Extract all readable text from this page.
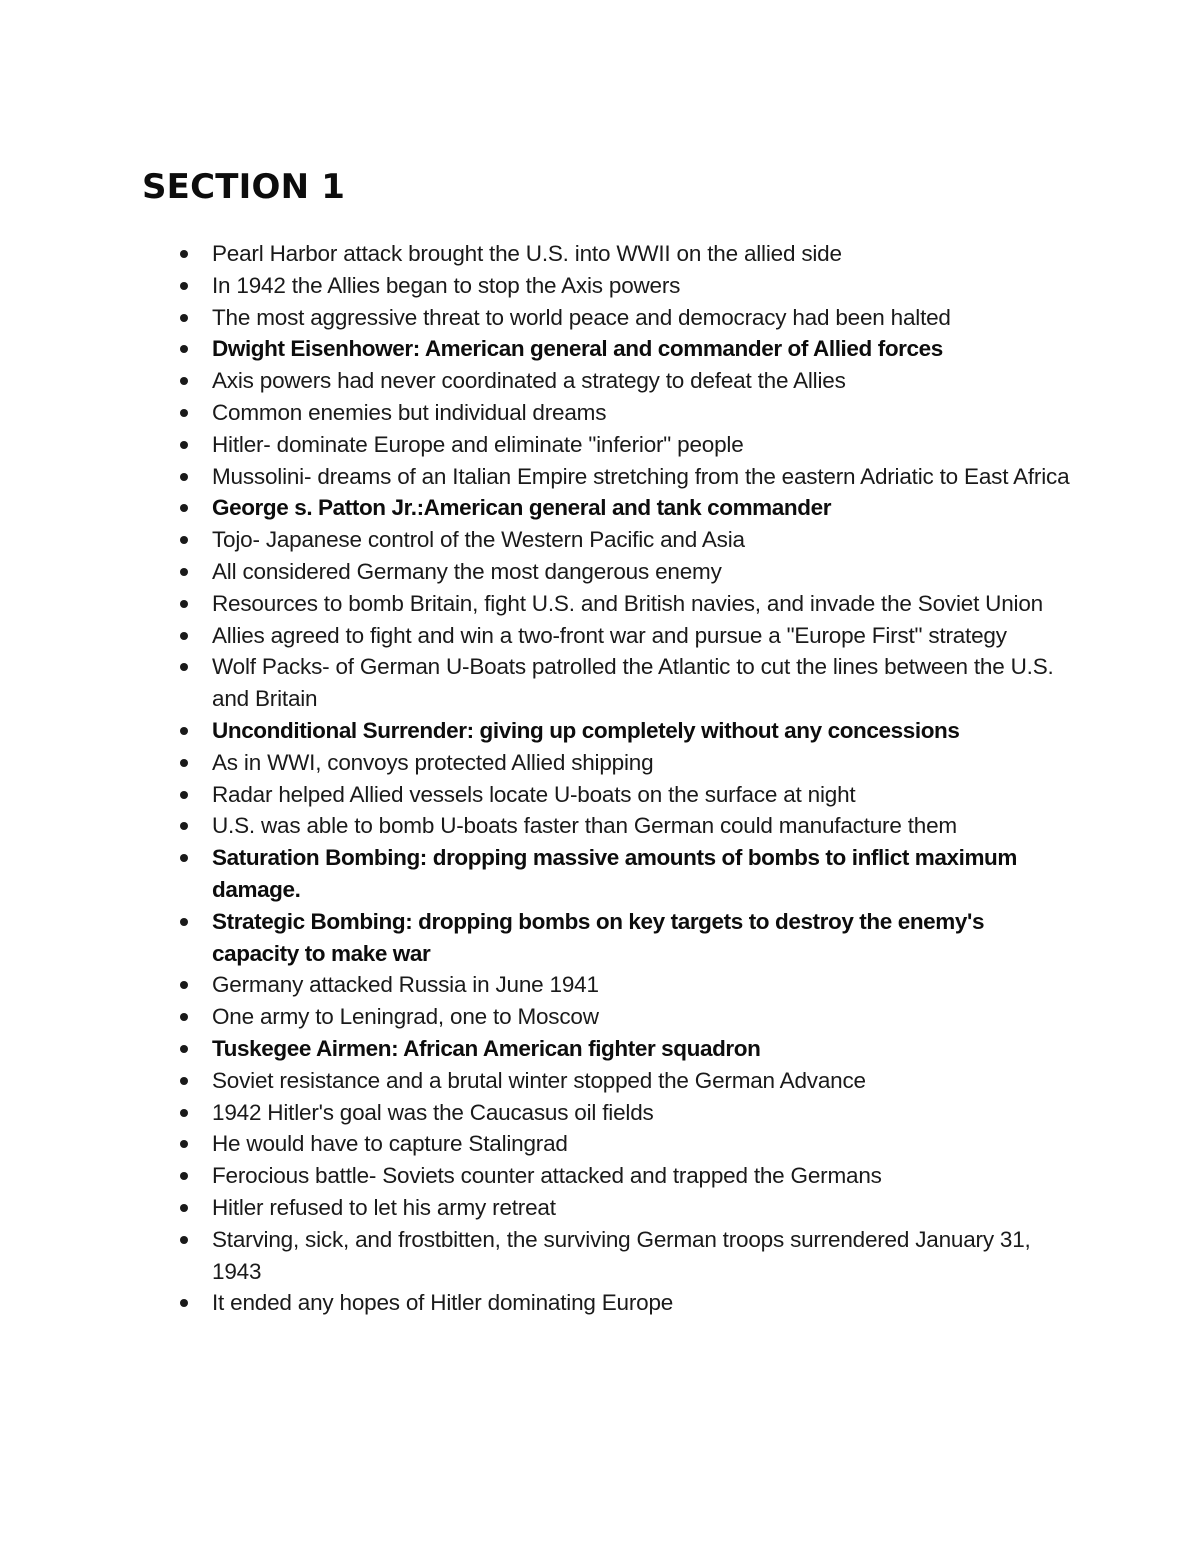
SECTION 1
Pearl Harbor attack brought the U.S. into WWII on the allied side
In 1942 the Allies began to stop the Axis powers
The most aggressive threat to world peace and democracy had been halted
Dwight Eisenhower: American general and commander of Allied forces
Axis powers had never coordinated a strategy to defeat the Allies
Common enemies but individual dreams
Hitler- dominate Europe and eliminate "inferior" people
Mussolini- dreams of an Italian Empire stretching from the eastern Adriatic to East Africa
George s. Patton Jr.:American general and tank commander
Tojo- Japanese control of the Western Pacific and Asia
All considered Germany the most dangerous enemy
Resources to bomb Britain, fight U.S. and British navies, and invade the Soviet Union
Allies agreed to fight and win a two-front war and pursue a "Europe First" strategy
Wolf Packs- of German U-Boats patrolled the Atlantic to cut the lines between the U.S. and Britain
Unconditional Surrender: giving up completely without any concessions
As in WWI, convoys protected Allied shipping
Radar helped Allied vessels locate U-boats on the surface at night
U.S. was able to bomb U-boats faster than German could manufacture them
Saturation Bombing: dropping massive amounts of bombs to inflict maximum damage.
Strategic Bombing: dropping bombs on key targets to destroy the enemy's capacity to make war
Germany attacked Russia in June 1941
One army to Leningrad, one to Moscow
Tuskegee Airmen: African American fighter squadron
Soviet resistance and a brutal winter stopped the German Advance
1942 Hitler's goal was the Caucasus oil fields
He would have to capture Stalingrad
Ferocious battle- Soviets counter attacked and trapped the Germans
Hitler refused to let his army retreat
Starving, sick, and frostbitten, the surviving German troops surrendered January 31, 1943
It ended any hopes of Hitler dominating Europe
